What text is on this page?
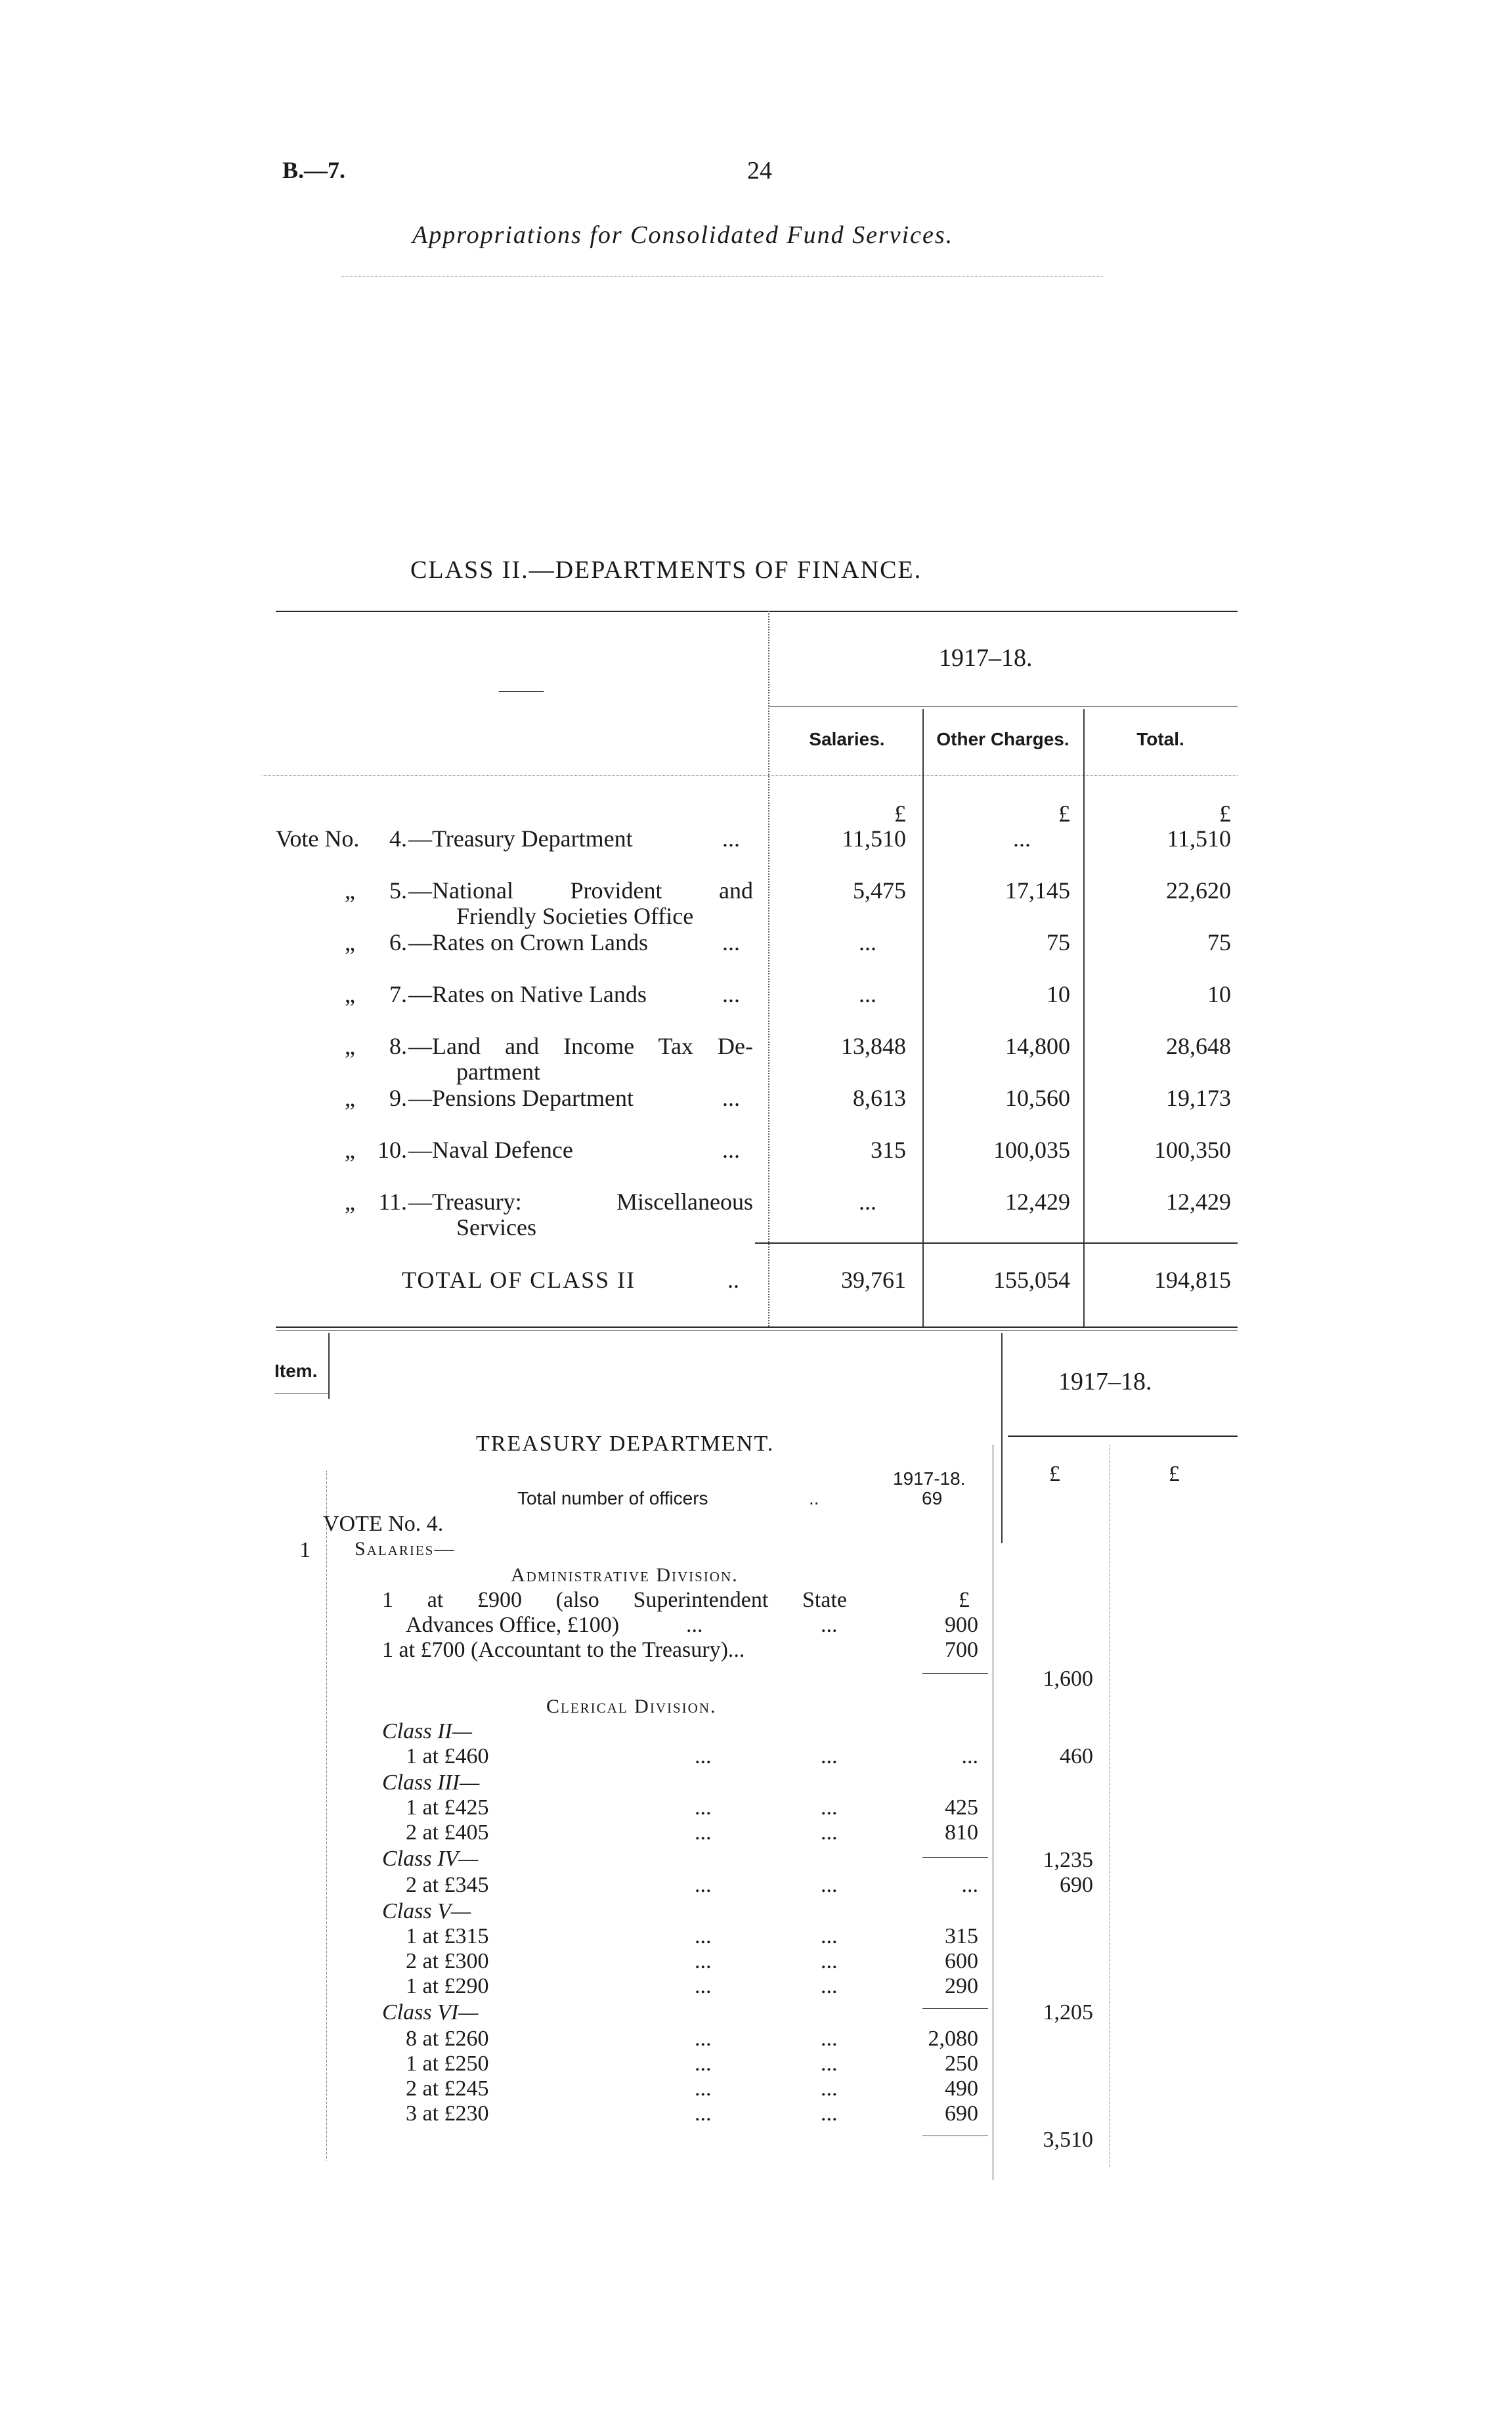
B.—7.	24
Appropriations for Consolidated Fund Services.
CLASS II.—DEPARTMENTS OF FINANCE.
1917–18.
——
Salaries.	Other Charges.	Total.
£	£	£
Vote No.	4. —Treasury Department	...	11,510	...	11,510
„	5. —National Provident and
Friendly Societies Office
5,475	17,145	22,620
„	6. —Rates on Crown Lands	...	...	75	75
„	7. —Rates on Native Lands	...	...	10	10
„	8. —Land and Income Tax De-
partment
13,848	14,800	28,648
„	9. —Pensions Department	...	8,613	10,560	19,173
„ 10. —Naval Defence	...	315	100,035	100,350
„ 11. —Treasury: Miscellaneous
Services
...	12,429	12,429
TOTAL OF CLASS II	..	39,761	155,054	194,815
Item.	1917–18.
TREASURY DEPARTMENT.
Total number of officers	..
1917-18.
69
£	£
VOTE No. 4.
1 Salaries—
Administrative Division.
£
1 at £900 (also Superintendent State
Advances Office, £100)	...	...	900
1 at £700 (Accountant to the Treasury)...	700
1,600
Clerical Division.
Class II—
1 at £460	...	...	...	460
Class III—
1 at £425	...	...	425
2 at £405	...	...	810
1,235
Class IV—
2 at £345	...	...	...	690
Class V—
1 at £315	...	...	315
2 at £300	...	...	600
1 at £290	...	...	290
1,205
Class VI—
8 at £260	...	...	2,080
1 at £250	...	...	250
2 at £245	...	...	490
3 at £230	...	...	690
3,510
